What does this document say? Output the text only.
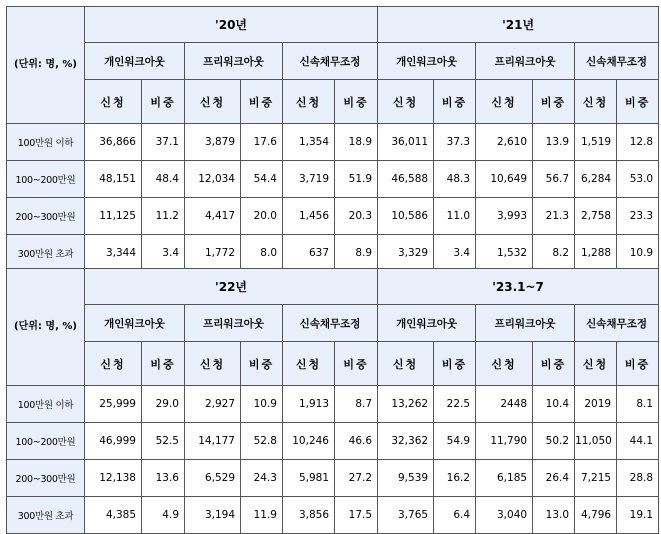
(단위: 명, %)	'20년						'21년					
	개인워크아웃		프리워크아웃		신속채무조정		개인워크아웃		프리워크아웃		신속채무조정	
	신청	비중	신청	비중	신청	비중	신청	비중	신청	비중	신청	비중
100만원 이하	36,866	37.1	3,879	17.6	1,354	18.9	36,011	37.3	2,610	13.9	1,519	12.8
100~200만원	48,151	48.4	12,034	54.4	3,719	51.9	46,588	48.3	10,649	56.7	6,284	53.0
200~300만원	11,125	11.2	4,417	20.0	1,456	20.3	10,586	11.0	3,993	21.3	2,758	23.3
300만원 초과	3,344	3.4	1,772	8.0	637	8.9	3,329	3.4	1,532	8.2	1,288	10.9
(단위: 명, %)	'22년						'23.1~7					
	개인워크아웃		프리워크아웃		신속채무조정		개인워크아웃		프리워크아웃		신속채무조정	
	신청	비중	신청	비중	신청	비중	신청	비중	신청	비중	신청	비중
100만원 이하	25,999	29.0	2,927	10.9	1,913	8.7	13,262	22.5	2448	10.4	2019	8.1
100~200만원	46,999	52.5	14,177	52.8	10,246	46.6	32,362	54.9	11,790	50.2	11,050	44.1
200~300만원	12,138	13.6	6,529	24.3	5,981	27.2	9,539	16.2	6,185	26.4	7,215	28.8
300만원 초과	4,385	4.9	3,194	11.9	3,856	17.5	3,765	6.4	3,040	13.0	4,796	19.1
